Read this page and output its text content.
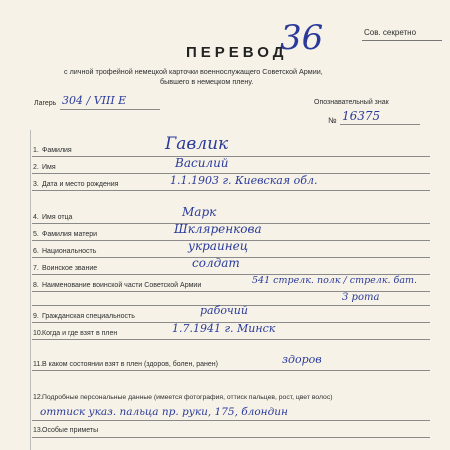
36	Сов. секретно
ПЕРЕВОД
с личной трофейной немецкой карточки военнослужащего Советской Армии,
бывшего в немецком плену.
Лагерь 304 / VIII E	Опознавательный знак
№ 16375
1. Фамилия	Гавлик
2. Имя	Василий
3. Дата и место рождения	1.1.1903 г. Киевская обл.
4. Имя отца	Марк
5. Фамилия матери	Шкляренкова
6. Национальность	украинец
7. Воинское звание	солдат
8. Наименование воинской части Советской Армии	541 стрелк. полк / стрелк. бат.
3 рота
9. Гражданская специальность	рабочий
10. Когда и где взят в плен	1.7.1941 г. Минск
11. В каком состоянии взят в плен (здоров, болен, ранен)	здоров
12. Подробные персональные данные (имеется фотография, оттиск пальцев, рост, цвет волос)
оттиск указ. пальца пр. руки, 175, блондин
13. Особые приметы
